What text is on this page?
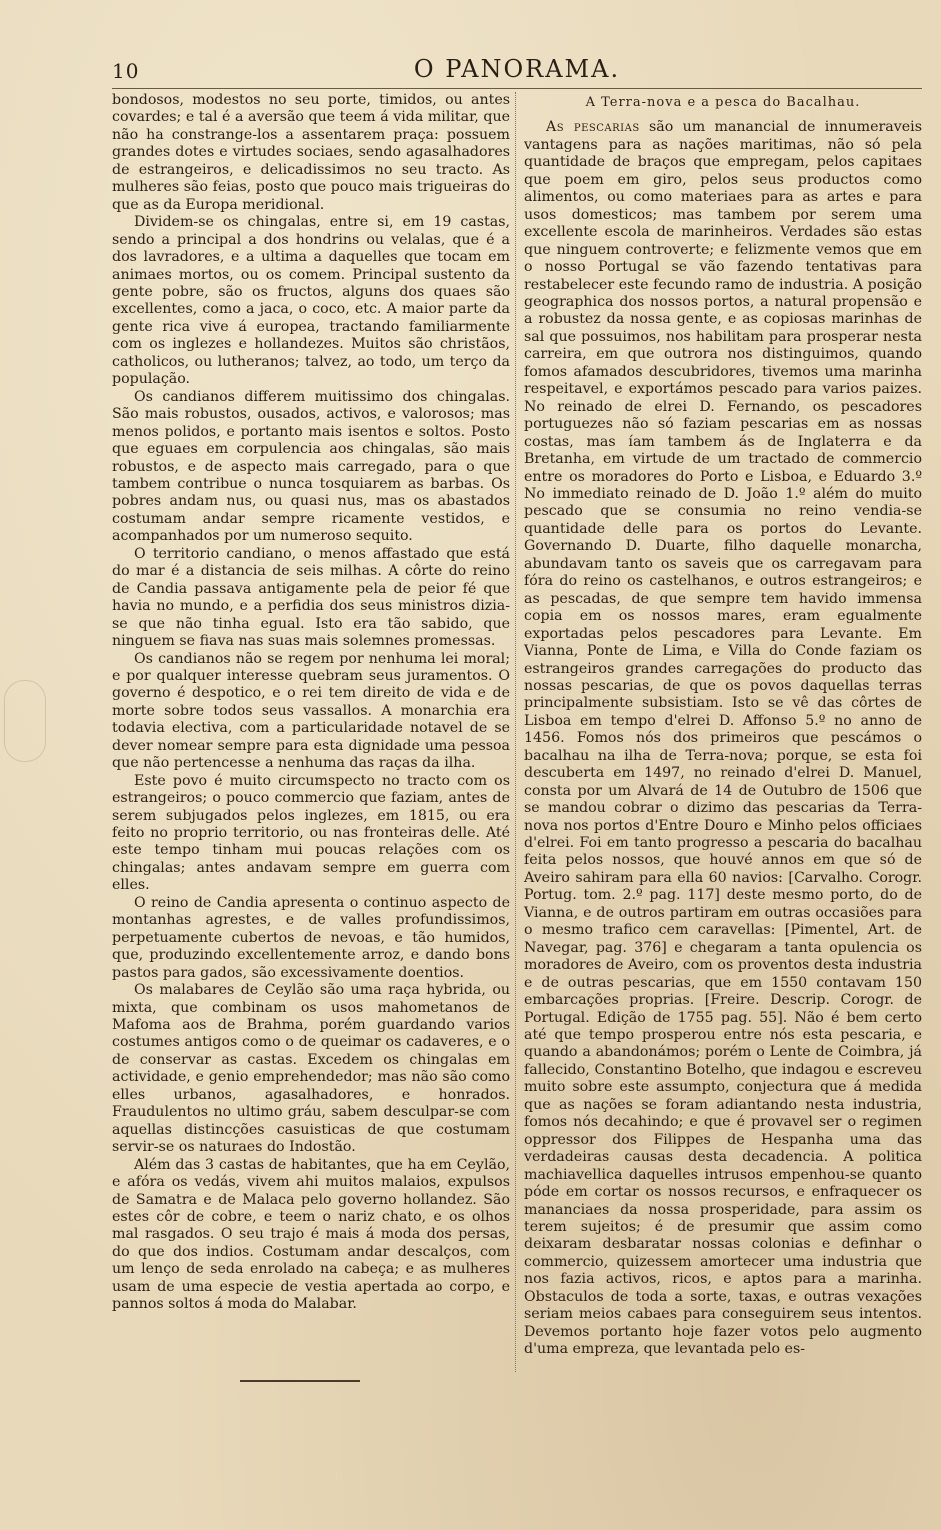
10	O PANORAMA.

bondosos, modestos no seu porte, timidos, ou antes covardes; e tal é a aversão que teem á vida militar, que não ha constrange-los a assentarem praça: possuem grandes dotes e virtudes sociaes, sendo agasalhadores de estrangeiros, e delicadissimos no seu tracto. As mulheres são feias, posto que pouco mais trigueiras do que as da Europa meridional.

Dividem-se os chingalas, entre si, em 19 castas, sendo a principal a dos hondrins ou velalas, que é a dos lavradores, e a ultima a daquelles que tocam em animaes mortos, ou os comem. Principal sustento da gente pobre, são os fructos, alguns dos quaes são excellentes, como a jaca, o coco, etc. A maior parte da gente rica vive á europea, tractando familiarmente com os inglezes e hollandezes. Muitos são christãos, catholicos, ou lutheranos; talvez, ao todo, um terço da população.

Os candianos differem muitissimo dos chingalas. São mais robustos, ousados, activos, e valorosos; mas menos polidos, e portanto mais isentos e soltos. Posto que eguaes em corpulencia aos chingalas, são mais robustos, e de aspecto mais carregado, para o que tambem contribue o nunca tosquiarem as barbas. Os pobres andam nus, ou quasi nus, mas os abastados costumam andar sempre ricamente vestidos, e acompanhados por um numeroso sequito.

O territorio candiano, o menos affastado que está do mar é a distancia de seis milhas. A côrte do reino de Candia passava antigamente pela de peior fé que havia no mundo, e a perfidia dos seus ministros dizia-se que não tinha egual. Isto era tão sabido, que ninguem se fiava nas suas mais solemnes promessas.

Os candianos não se regem por nenhuma lei moral; e por qualquer interesse quebram seus juramentos. O governo é despotico, e o rei tem direito de vida e de morte sobre todos seus vassallos. A monarchia era todavia electiva, com a particularidade notavel de se dever nomear sempre para esta dignidade uma pessoa que não pertencesse a nenhuma das raças da ilha.

Este povo é muito circumspecto no tracto com os estrangeiros; o pouco commercio que faziam, antes de serem subjugados pelos inglezes, em 1815, ou era feito no proprio territorio, ou nas fronteiras delle. Até este tempo tinham mui poucas relações com os chingalas; antes andavam sempre em guerra com elles.

O reino de Candia apresenta o continuo aspecto de montanhas agrestes, e de valles profundissimos, perpetuamente cubertos de nevoas, e tão humidos, que, produzindo excellentemente arroz, e dando bons pastos para gados, são excessivamente doentios.

Os malabares de Ceylão são uma raça hybrida, ou mixta, que combinam os usos mahometanos de Mafoma aos de Brahma, porém guardando varios costumes antigos como o de queimar os cadaveres, e o de conservar as castas. Excedem os chingalas em actividade, e genio emprehendedor; mas não são como elles urbanos, agasalhadores, e honrados. Fraudulentos no ultimo gráu, sabem desculpar-se com aquellas distincções casuisticas de que costumam servir-se os naturaes do Indostão.

Além das 3 castas de habitantes, que ha em Ceylão, e afóra os vedás, vivem ahi muitos malaios, expulsos de Samatra e de Malaca pelo governo hollandez. São estes côr de cobre, e teem o nariz chato, e os olhos mal rasgados. O seu trajo é mais á moda dos persas, do que dos indios. Costumam andar descalços, com um lenço de seda enrolado na cabeça; e as mulheres usam de uma especie de vestia apertada ao corpo, e pannos soltos á moda do Malabar.

A Terra-nova e a pesca do Bacalhau.

As pescarias são um manancial de innumeraveis vantagens para as nações maritimas, não só pela quantidade de braços que empregam, pelos capitaes que poem em giro, pelos seus productos como alimentos, ou como materiaes para as artes e para usos domesticos; mas tambem por serem uma excellente escola de marinheiros. Verdades são estas que ninguem controverte; e felizmente vemos que em o nosso Portugal se vão fazendo tentativas para restabelecer este fecundo ramo de industria. A posição geographica dos nossos portos, a natural propensão e a robustez da nossa gente, e as copiosas marinhas de sal que possuimos, nos habilitam para prosperar nesta carreira, em que outrora nos distinguimos, quando fomos afamados descubridores, tivemos uma marinha respeitavel, e exportámos pescado para varios paizes. No reinado de elrei D. Fernando, os pescadores portuguezes não só faziam pescarias em as nossas costas, mas íam tambem ás de Inglaterra e da Bretanha, em virtude de um tractado de commercio entre os moradores do Porto e Lisboa, e Eduardo 3.º No immediato reinado de D. João 1.º além do muito pescado que se consumia no reino vendia-se quantidade delle para os portos do Levante. Governando D. Duarte, filho daquelle monarcha, abundavam tanto os saveis que os carregavam para fóra do reino os castelhanos, e outros estrangeiros; e as pescadas, de que sempre tem havido immensa copia em os nossos mares, eram egualmente exportadas pelos pescadores para Levante. Em Vianna, Ponte de Lima, e Villa do Conde faziam os estrangeiros grandes carregações do producto das nossas pescarias, de que os povos daquellas terras principalmente subsistiam. Isto se vê das côrtes de Lisboa em tempo d'elrei D. Affonso 5.º no anno de 1456. Fomos nós dos primeiros que pescámos o bacalhau na ilha de Terra-nova; porque, se esta foi descuberta em 1497, no reinado d'elrei D. Manuel, consta por um Alvará de 14 de Outubro de 1506 que se mandou cobrar o dizimo das pescarias da Terra-nova nos portos d'Entre Douro e Minho pelos officiaes d'elrei. Foi em tanto progresso a pescaria do bacalhau feita pelos nossos, que houvé annos em que só de Aveiro sahiram para ella 60 navios: [Carvalho. Corogr. Portug. tom. 2.º pag. 117] deste mesmo porto, do de Vianna, e de outros partiram em outras occasiões para o mesmo trafico cem caravellas: [Pimentel, Art. de Navegar, pag. 376] e chegaram a tanta opulencia os moradores de Aveiro, com os proventos desta industria e de outras pescarias, que em 1550 contavam 150 embarcações proprias. [Freire. Descrip. Corogr. de Portugal. Edição de 1755 pag. 55]. Não é bem certo até que tempo prosperou entre nós esta pescaria, e quando a abandonámos; porém o Lente de Coimbra, já fallecido, Constantino Botelho, que indagou e escreveu muito sobre este assumpto, conjectura que á medida que as nações se foram adiantando nesta industria, fomos nós decahindo; e que é provavel ser o regimen oppressor dos Filippes de Hespanha uma das verdadeiras causas desta decadencia. A politica machiavellica daquelles intrusos empenhou-se quanto póde em cortar os nossos recursos, e enfraquecer os mananciaes da nossa prosperidade, para assim os terem sujeitos; é de presumir que assim como deixaram desbaratar nossas colonias e definhar o commercio, quizessem amortecer uma industria que nos fazia activos, ricos, e aptos para a marinha. Obstaculos de toda a sorte, taxas, e outras vexações seriam meios cabaes para conseguirem seus intentos. Devemos portanto hoje fazer votos pelo augmento d'uma empreza, que levantada pelo es-
